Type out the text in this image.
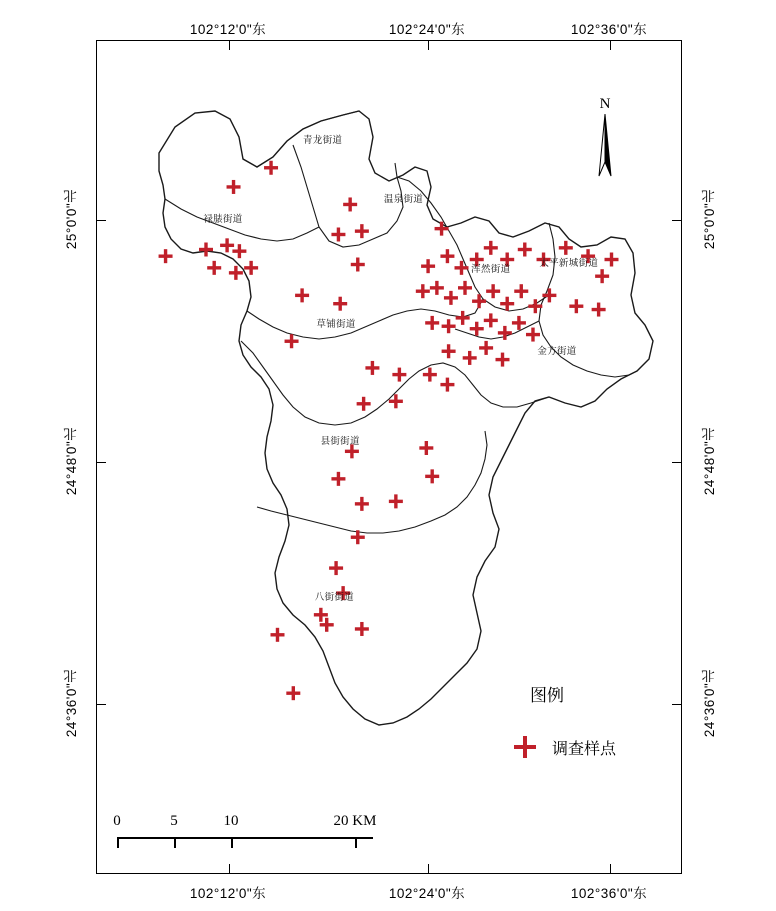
102°12'0"东	102°24'0"东	102°36'0"东
102°12'0"东	102°24'0"东	102°36'0"东
25°0'0"北
24°48'0"北
24°36'0"北
25°0'0"北
24°48'0"北
24°36'0"北
青龙街道
温泉街道
禄脿街道
草铺街道
浑然街道
太平新城街道
金方街道
县街街道
八街街道
N
图例
调查样点
0	5	10	20 KM
